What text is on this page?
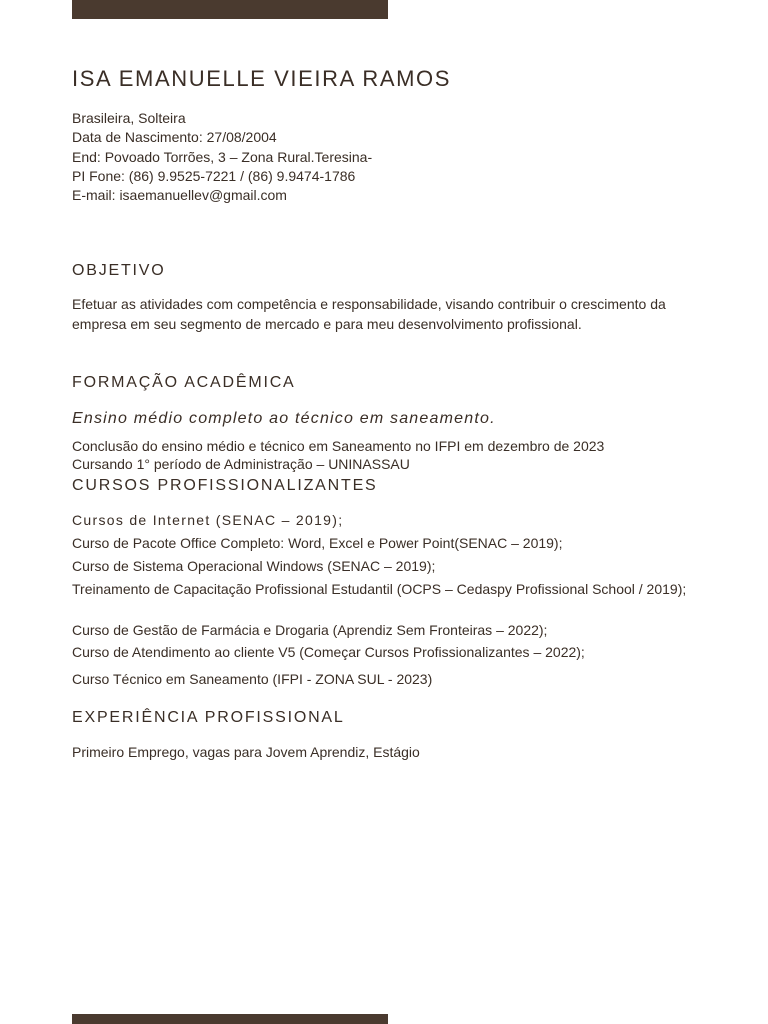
ISA EMANUELLE VIEIRA RAMOS
Brasileira, Solteira
Data de Nascimento: 27/08/2004
End: Povoado Torrões, 3 – Zona Rural.Teresina-
PI Fone: (86) 9.9525-7221 / (86) 9.9474-1786
E-mail: isaemanuellev@gmail.com
OBJETIVO
Efetuar as atividades com competência e responsabilidade, visando contribuir o crescimento da empresa em seu segmento de mercado e para meu desenvolvimento profissional.
FORMAÇÃO ACADÊMICA
Ensino médio completo ao técnico em saneamento.
Conclusão do ensino médio e técnico em Saneamento no IFPI em dezembro de 2023
Cursando 1° período de Administração – UNINASSAU
CURSOS PROFISSIONALIZANTES
Cursos de Internet (SENAC – 2019);
Curso de Pacote Office Completo: Word, Excel e Power Point(SENAC – 2019);
Curso de Sistema Operacional Windows (SENAC – 2019);
Treinamento de Capacitação Profissional Estudantil (OCPS – Cedaspy Profissional School / 2019);
Curso de Gestão de Farmácia e Drogaria (Aprendiz Sem Fronteiras – 2022);
Curso de Atendimento ao cliente V5 (Começar Cursos Profissionalizantes – 2022);
Curso Técnico em Saneamento (IFPI - ZONA SUL - 2023)
EXPERIÊNCIA PROFISSIONAL
Primeiro Emprego, vagas para Jovem Aprendiz, Estágio
